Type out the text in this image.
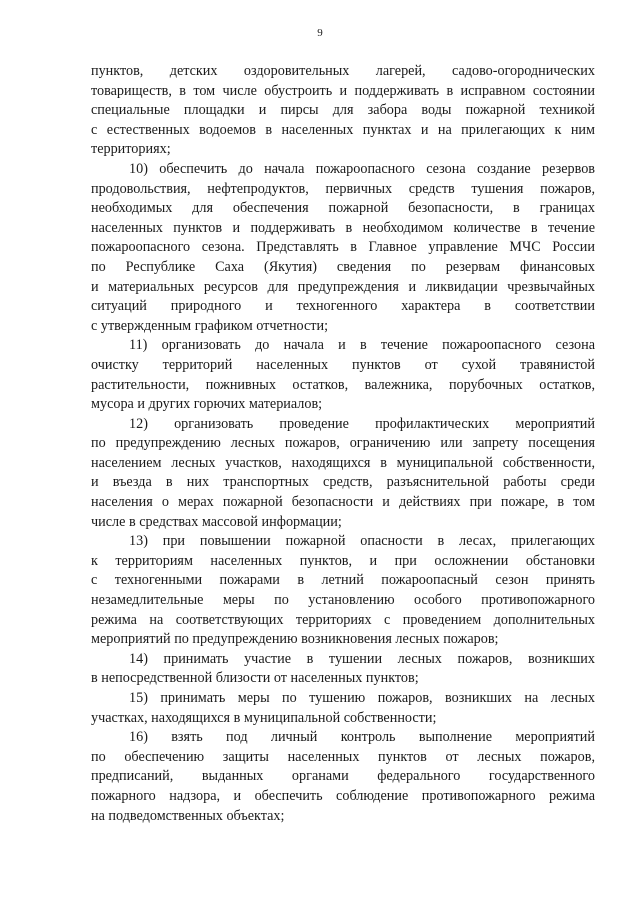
9
пунктов, детских оздоровительных лагерей, садово-огороднических
товариществ, в том числе обустроить и поддерживать в исправном состоянии
специальные площадки и пирсы для забора воды пожарной техникой
с естественных водоемов в населенных пунктах и на прилегающих к ним
территориях;
10) обеспечить до начала пожароопасного сезона создание резервов
продовольствия, нефтепродуктов, первичных средств тушения пожаров,
необходимых для обеспечения пожарной безопасности, в границах
населенных пунктов и поддерживать в необходимом количестве в течение
пожароопасного сезона. Представлять в Главное управление МЧС России
по Республике Саха (Якутия) сведения по резервам финансовых
и материальных ресурсов для предупреждения и ликвидации чрезвычайных
ситуаций природного и техногенного характера в соответствии
с утвержденным графиком отчетности;
11) организовать до начала и в течение пожароопасного сезона
очистку территорий населенных пунктов от сухой травянистой
растительности, пожнивных остатков, валежника, порубочных остатков,
мусора и других горючих материалов;
12) организовать проведение профилактических мероприятий
по предупреждению лесных пожаров, ограничению или запрету посещения
населением лесных участков, находящихся в муниципальной собственности,
и въезда в них транспортных средств, разъяснительной работы среди
населения о мерах пожарной безопасности и действиях при пожаре, в том
числе в средствах массовой информации;
13) при повышении пожарной опасности в лесах, прилегающих
к территориям населенных пунктов, и при осложнении обстановки
с техногенными пожарами в летний пожароопасный сезон принять
незамедлительные меры по установлению особого противопожарного
режима на соответствующих территориях с проведением дополнительных
мероприятий по предупреждению возникновения лесных пожаров;
14) принимать участие в тушении лесных пожаров, возникших
в непосредственной близости от населенных пунктов;
15) принимать меры по тушению пожаров, возникших на лесных
участках, находящихся в муниципальной собственности;
16) взять под личный контроль выполнение мероприятий
по обеспечению защиты населенных пунктов от лесных пожаров,
предписаний, выданных органами федерального государственного
пожарного надзора, и обеспечить соблюдение противопожарного режима
на подведомственных объектах;
